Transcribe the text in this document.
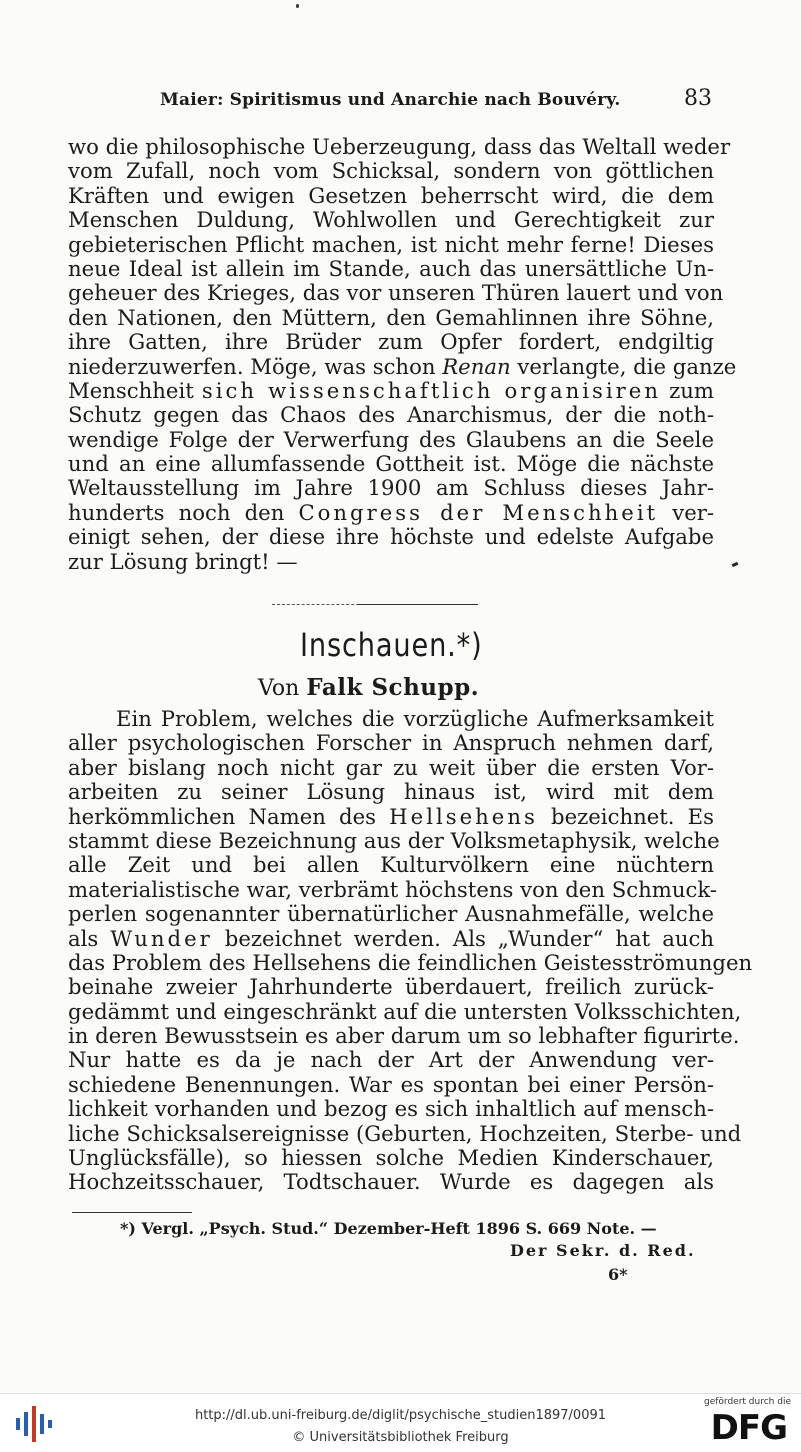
Maier: Spiritismus und Anarchie nach Bouvéry.	83
wo die philosophische Ueberzeugung, dass das Weltall weder
vom Zufall, noch vom Schicksal, sondern von göttlichen
Kräften und ewigen Gesetzen beherrscht wird, die dem
Menschen Duldung, Wohlwollen und Gerechtigkeit zur
gebieterischen Pflicht machen, ist nicht mehr ferne! Dieses
neue Ideal ist allein im Stande, auch das unersättliche Un-
geheuer des Krieges, das vor unseren Thüren lauert und von
den Nationen, den Müttern, den Gemahlinnen ihre Söhne,
ihre Gatten, ihre Brüder zum Opfer fordert, endgiltig
niederzuwerfen. Möge, was schon Renan verlangte, die ganze
Menschheit sich wissenschaftlich organisiren zum
Schutz gegen das Chaos des Anarchismus, der die noth-
wendige Folge der Verwerfung des Glaubens an die Seele
und an eine allumfassende Gottheit ist. Möge die nächste
Weltausstellung im Jahre 1900 am Schluss dieses Jahr-
hunderts noch den Congress der Menschheit ver-
einigt sehen, der diese ihre höchste und edelste Aufgabe
zur Lösung bringt! —
Inschauen.*)
Von Falk Schupp.
Ein Problem, welches die vorzügliche Aufmerksamkeit
aller psychologischen Forscher in Anspruch nehmen darf,
aber bislang noch nicht gar zu weit über die ersten Vor-
arbeiten zu seiner Lösung hinaus ist, wird mit dem
herkömmlichen Namen des Hellsehens bezeichnet. Es
stammt diese Bezeichnung aus der Volksmetaphysik, welche
alle Zeit und bei allen Kulturvölkern eine nüchtern
materialistische war, verbrämt höchstens von den Schmuck-
perlen sogenannter übernatürlicher Ausnahmefälle, welche
als Wunder bezeichnet werden. Als „Wunder“ hat auch
das Problem des Hellsehens die feindlichen Geistesströmungen
beinahe zweier Jahrhunderte überdauert, freilich zurück-
gedämmt und eingeschränkt auf die untersten Volksschichten,
in deren Bewusstsein es aber darum um so lebhafter figurirte.
Nur hatte es da je nach der Art der Anwendung ver-
schiedene Benennungen. War es spontan bei einer Persön-
lichkeit vorhanden und bezog es sich inhaltlich auf mensch-
liche Schicksalsereignisse (Geburten, Hochzeiten, Sterbe- und
Unglücksfälle), so hiessen solche Medien Kinderschauer,
Hochzeitsschauer, Todtschauer. Wurde es dagegen als
*) Vergl. „Psych. Stud.“ Dezember-Heft 1896 S. 669 Note. —
Der Sekr. d. Red.
6*
http://dl.ub.uni-freiburg.de/diglit/psychische_studien1897/0091
© Universitätsbibliothek Freiburg
gefördert durch die
DFG
